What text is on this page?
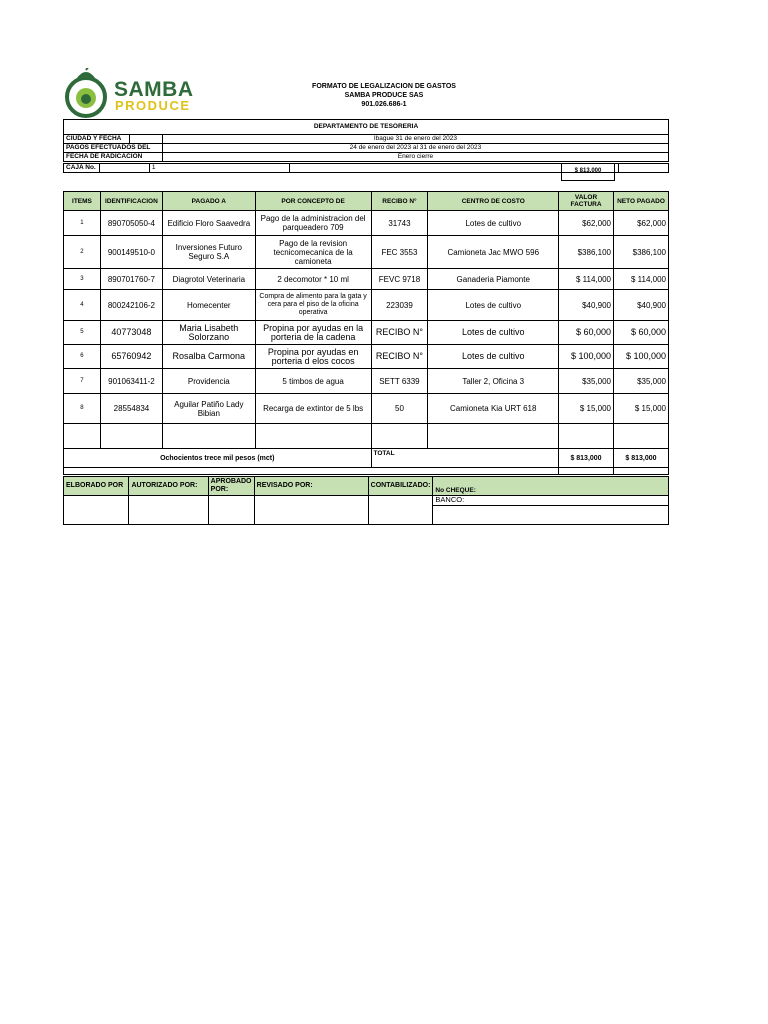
SAMBA
PRODUCE
FORMATO DE LEGALIZACION DE GASTOS
SAMBA PRODUCE SAS
901.026.686-1
DEPARTAMENTO DE TESORERIA		
CIUDAD Y FECHA		Ibague 31 de enero del 2023
PAGOS EFECTUADOS DEL		24 de enero del 2023 al 31 de enero del 2023
FECHA DE RADICACION		Enero cierre
CAJA No.		1			$ 813,000
ITEMS	IDENTIFICACION	PAGADO A	POR CONCEPTO DE	RECIBO N°	CENTRO DE COSTO	VALOR FACTURA	NETO PAGADO
1	890705050-4	Edificio Floro Saavedra	Pago de la administracion del parqueadero 709	31743	Lotes de cultivo	$62,000	$62,000
2	900149510-0	Inversiones Futuro Seguro S.A	Pago de la revision tecnicomecanica de la camioneta	FEC 3553	Camioneta Jac MWO 596	$386,100	$386,100
3	890701760-7	Diagrotol Veterinaria	2 decomotor * 10 ml	FEVC 9718	Ganaderia Piamonte	$ 114,000	$ 114,000
4	800242106-2	Homecenter	Compra de alimento para la gata y cera para el piso de la oficina operativa	223039	Lotes de cultivo	$40,900	$40,900
5	40773048	Maria Lisabeth Solorzano	Propina por ayudas en la porteria de la cadena	RECIBO N°	Lotes de cultivo	$ 60,000	$ 60,000
6	65760942	Rosalba Carmona	Propina por ayudas en porteria d elos cocos	RECIBO N°	Lotes de cultivo	$ 100,000	$ 100,000
7	901063411-2	Providencia	5 timbos de agua	SETT 6339	Taller 2, Oficina 3	$35,000	$35,000
8	28554834	Aguilar Patiño Lady Bibian	Recarga de extintor de 5 lbs	50	Camioneta Kia URT 618	$ 15,000	$ 15,000

Ochocientos trece mil pesos (mct)				TOTAL		$ 813,000	$ 813,000

ELBORADO POR	AUTORIZADO POR:	APROBADO POR:	REVISADO POR:	CONTABILIZADO:	No CHEQUE:
					BANCO:
